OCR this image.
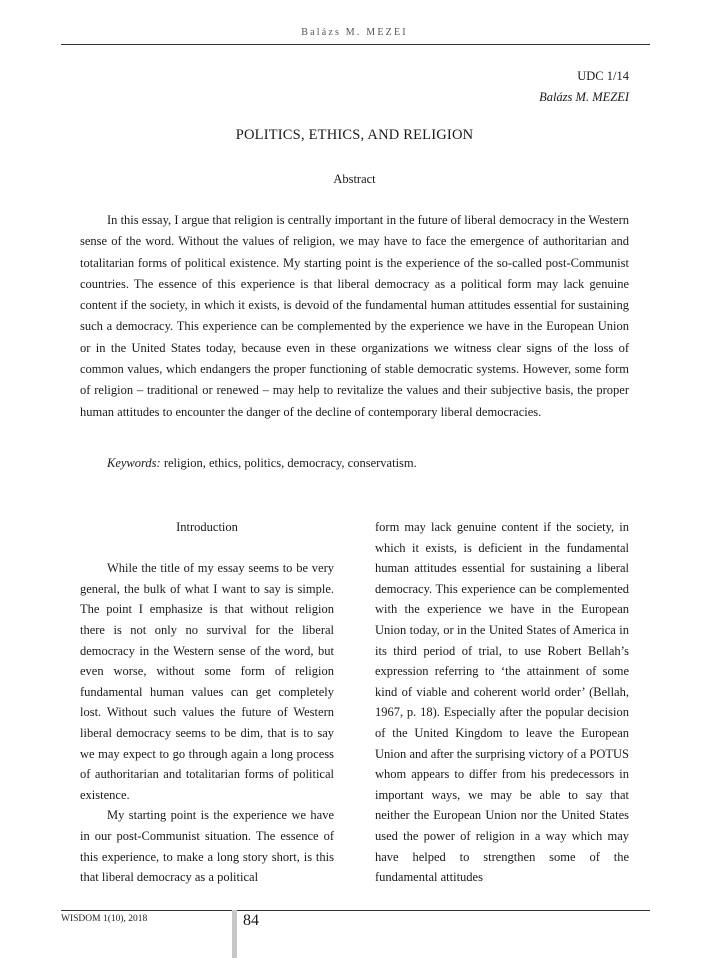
Balázs M. MEZEI
UDC 1/14
Balázs M. MEZEI
POLITICS, ETHICS, AND RELIGION
Abstract

In this essay, I argue that religion is centrally important in the future of liberal democracy in the Western sense of the word. Without the values of religion, we may have to face the emergence of authoritarian and totalitarian forms of political existence. My starting point is the experience of the so-called post-Communist countries. The essence of this experience is that liberal democracy as a political form may lack genuine content if the society, in which it exists, is devoid of the fundamental human attitudes essential for sustaining such a democracy. This experience can be complemented by the experience we have in the European Union or in the United States today, because even in these organizations we witness clear signs of the loss of common values, which endangers the proper functioning of stable democratic systems. However, some form of religion – traditional or renewed – may help to revitalize the values and their subjective basis, the proper human attitudes to encounter the danger of the decline of contemporary liberal democracies.

Keywords: religion, ethics, politics, democracy, conservatism.

Introduction

While the title of my essay seems to be very general, the bulk of what I want to say is simple. The point I emphasize is that without religion there is not only no survival for the liberal democracy in the Western sense of the word, but even worse, without some form of religion fundamental human values can get completely lost. Without such values the future of Western liberal democracy seems to be dim, that is to say we may expect to go through again a long process of authoritarian and totalitarian forms of political existence.

My starting point is the experience we have in our post-Communist situation. The essence of this experience, to make a long story short, is this that liberal democracy as a political

form may lack genuine content if the society, in which it exists, is deficient in the fundamental human attitudes essential for sustaining a liberal democracy. This experience can be complemented with the experience we have in the European Union today, or in the United States of America in its third period of trial, to use Robert Bellah’s expression referring to ‘the attainment of some kind of viable and coherent world order’ (Bellah, 1967, p. 18). Especially after the popular decision of the United Kingdom to leave the European Union and after the surprising victory of a POTUS whom appears to differ from his predecessors in important ways, we may be able to say that neither the European Union nor the United States used the power of religion in a way which may have helped to strengthen some of the fundamental attitudes

WISDOM 1(10), 2018	84
